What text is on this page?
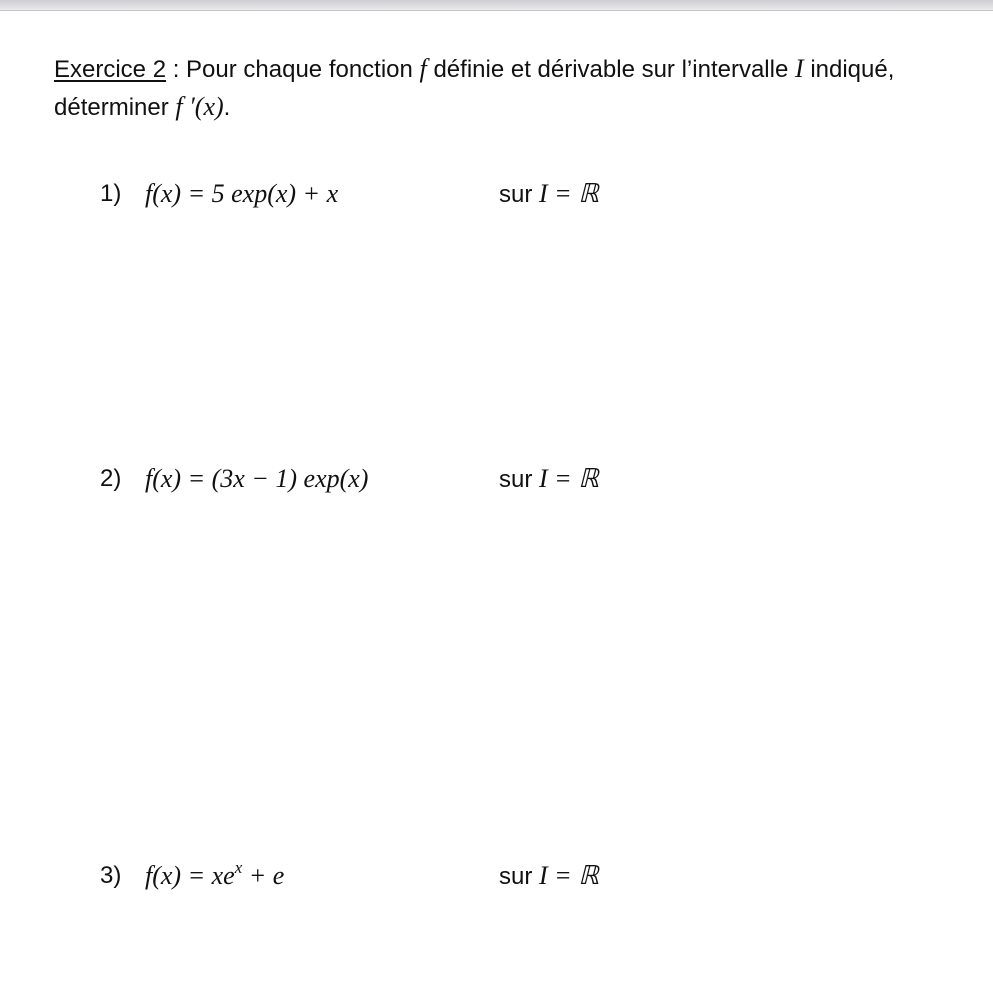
Exercice 2 : Pour chaque fonction f définie et dérivable sur l’intervalle I indiqué,
déterminer f ′(x).
1) f(x) = 5 exp(x) + x	sur I = ℝ
2) f(x) = (3x − 1) exp(x)	sur I = ℝ
3) $f(x) = xe^x + e$	sur I = ℝ
